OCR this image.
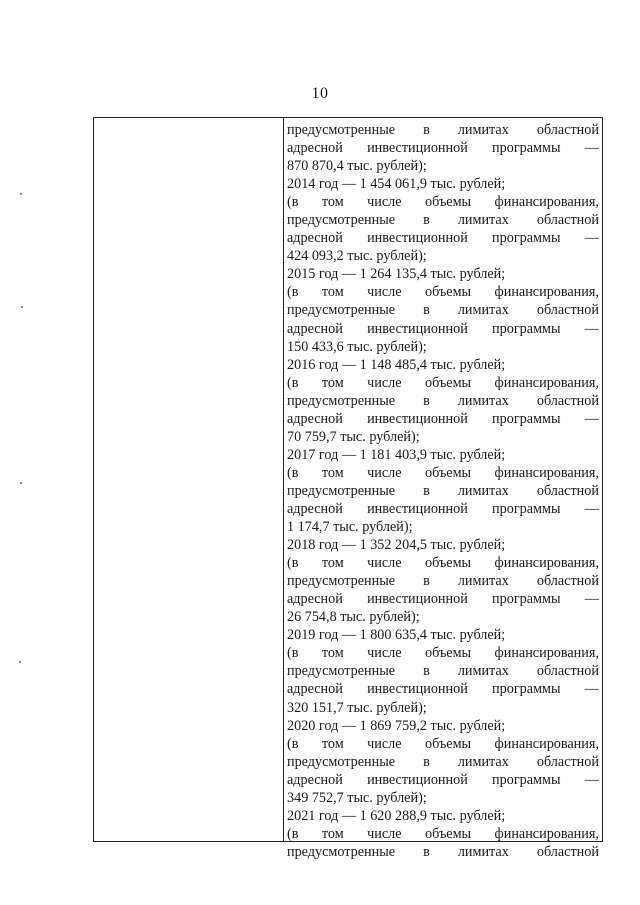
10
предусмотренные в лимитах областной
адресной инвестиционной программы —
870 870,4 тыс. рублей);
2014 год — 1 454 061,9 тыс. рублей;
(в том числе объемы финансирования,
предусмотренные в лимитах областной
адресной инвестиционной программы —
424 093,2 тыс. рублей);
2015 год — 1 264 135,4 тыс. рублей;
(в том числе объемы финансирования,
предусмотренные в лимитах областной
адресной инвестиционной программы —
150 433,6 тыс. рублей);
2016 год — 1 148 485,4 тыс. рублей;
(в том числе объемы финансирования,
предусмотренные в лимитах областной
адресной инвестиционной программы —
70 759,7 тыс. рублей);
2017 год — 1 181 403,9 тыс. рублей;
(в том числе объемы финансирования,
предусмотренные в лимитах областной
адресной инвестиционной программы —
1 174,7 тыс. рублей);
2018 год — 1 352 204,5 тыс. рублей;
(в том числе объемы финансирования,
предусмотренные в лимитах областной
адресной инвестиционной программы —
26 754,8 тыс. рублей);
2019 год — 1 800 635,4 тыс. рублей;
(в том числе объемы финансирования,
предусмотренные в лимитах областной
адресной инвестиционной программы —
320 151,7 тыс. рублей);
2020 год — 1 869 759,2 тыс. рублей;
(в том числе объемы финансирования,
предусмотренные в лимитах областной
адресной инвестиционной программы —
349 752,7 тыс. рублей);
2021 год — 1 620 288,9 тыс. рублей;
(в том числе объемы финансирования,
предусмотренные в лимитах областной
